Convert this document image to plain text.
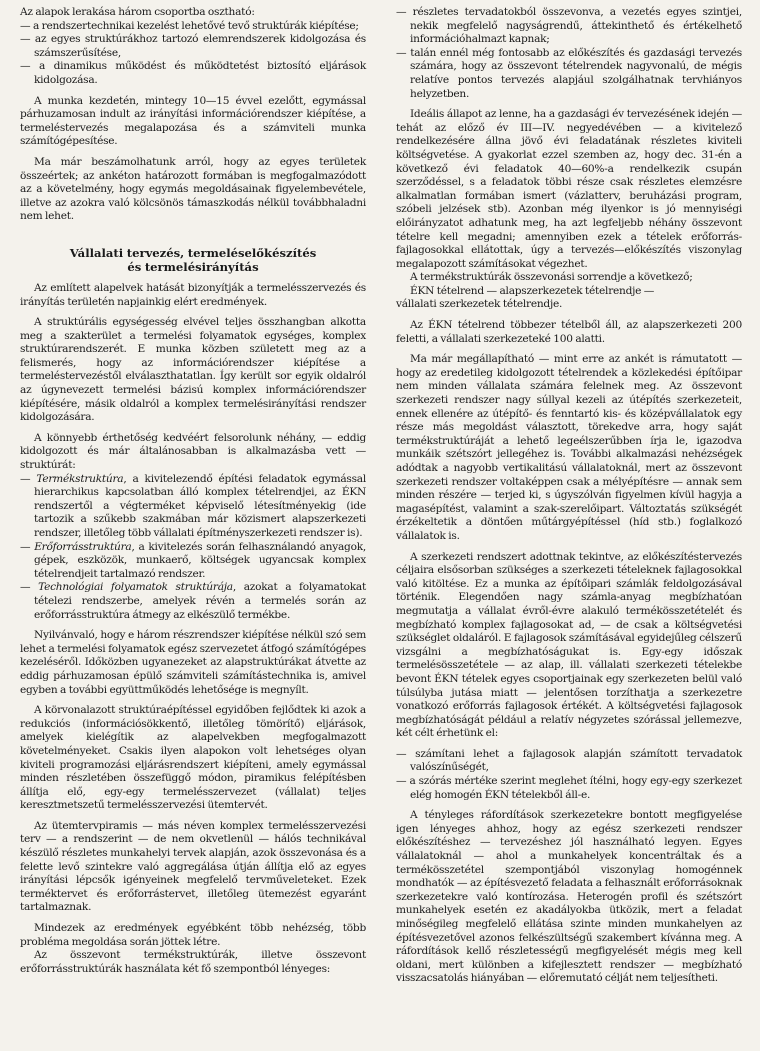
Az alapok lerakása három csoportba osztható:

— a rendszertechnikai kezelést lehetővé tevő struktúrák kiépítése;
— az egyes struktúrákhoz tartozó elemrendszerek kidolgozása és számszerűsítése,
— a dinamikus működést és működtetést biztosító eljárások kidolgozása.

A munka kezdetén, mintegy 10—15 évvel ezelőtt, egymással párhuzamosan indult az irányítási információrendszer kiépítése, a termeléstervezés megalapozása és a számviteli munka számítógépesítése.

Ma már beszámolhatunk arról, hogy az egyes területek összeértek; az ankéton határozott formában is megfogalmazódott az a követelmény, hogy egymás megoldásainak figyelembevétele, illetve az azokra való kölcsönös támaszkodás nélkül továbbhaladni nem lehet.

Vállalati tervezés, termeléselőkészítés
és termelésirányítás

Az említett alapelvek hatását bizonyítják a termelésszervezés és irányítás területén napjainkig elért eredmények.

A struktúrális egységesség elvével teljes összhangban alkotta meg a szakterület a termelési folyamatok egységes, komplex struktúrarendszerét. E munka közben született meg az a felismerés, hogy az információrendszer kiépítése a termeléstervezéstől elválaszthatatlan. Így került sor egyik oldalról az úgynevezett termelési bázisú komplex információrendszer kiépítésére, másik oldalról a komplex termelésirányítási rendszer kidolgozására.

A könnyebb érthetőség kedvéért felsorolunk néhány, — eddig kidolgozott és már általánosabban is alkalmazásba vett — struktúrát:

— Termékstruktúra, a kivitelezendő építési feladatok egymással hierarchikus kapcsolatban álló komplex tételrendjei, az ÉKN rendszertől a végterméket képviselő létesítményekig (ide tartozik a szűkebb szakmában már közismert alapszerkezeti rendszer, illetőleg több vállalati építményszerkezeti rendszer is).
— Erőforrásstruktúra, a kivitelezés során felhasználandó anyagok, gépek, eszközök, munkaerő, költségek ugyancsak komplex tételrendjeit tartalmazó rendszer.
— Technológiai folyamatok struktúrája, azokat a folyamatokat tételezi rendszerbe, amelyek révén a termelés során az erőforrásstruktúra átmegy az elkészülő termékbe.

Nyilvánvaló, hogy e három részrendszer kiépítése nélkül szó sem lehet a termelési folyamatok egész szervezetet átfogó számítógépes kezeléséről. Időközben ugyanezeket az alapstruktúrákat átvette az eddig párhuzamosan épülő számviteli számítástechnika is, amivel egyben a további együttműködés lehetősége is megnyílt.

A körvonalazott struktúraépítéssel egyidőben fejlődtek ki azok a redukciós (információsökkentő, illetőleg tömörítő) eljárások, amelyek kielégítik az alapelvekben megfogalmazott követelményeket. Csakis ilyen alapokon volt lehetséges olyan kiviteli programozási eljárásrendszert kiépíteni, amely egymással minden részletében összefüggő módon, piramikus felépítésben állítja elő, egy-egy termelésszervezet (vállalat) teljes keresztmetszetű termelésszervezési ütemtervét.

Az ütemtervpiramis — más néven komplex termelésszervezési terv — a rendszerint — de nem okvetlenül — hálós technikával készülő részletes munkahelyi tervek alapján, azok összevonása és a felette levő szintekre való aggregálása útján állítja elő az egyes irányítási lépcsők igényeinek megfelelő tervműveleteket. Ezek terméktervet és erőforrástervet, illetőleg ütemezést egyaránt tartalmaznak.

Mindezek az eredmények egyébként több nehézség, több probléma megoldása során jöttek létre.

Az összevont termékstruktúrák, illetve összevont erőforrásstruktúrák használata két fő szempontból lényeges:

— részletes tervadatokból összevonva, a vezetés egyes szintjei, nekik megfelelő nagyságrendű, áttekinthető és értékelhető információhalmazt kapnak;
— talán ennél még fontosabb az előkészítés és gazdasági tervezés számára, hogy az összevont tételrendek nagyvonalú, de mégis relatíve pontos tervezés alapjául szolgálhatnak tervhiányos helyzetben.

Ideális állapot az lenne, ha a gazdasági év tervezésének idején — tehát az előző év III—IV. negyedévében — a kivitelező rendelkezésére állna jövő évi feladatának részletes kiviteli költségvetése. A gyakorlat ezzel szemben az, hogy dec. 31-én a következő évi feladatok 40—60%-a rendelkezik csupán szerződéssel, s a feladatok többi része csak részletes elemzésre alkalmatlan formában ismert (vázlatterv, beruházási program, szóbeli jelzések stb). Azonban még ilyenkor is jó mennyiségi előirányzatot adhatunk meg, ha azt legfeljebb néhány összevont tételre kell megadni; amennyiben ezek a tételek erőforrás-fajlagosokkal ellátottak, úgy a tervezés—előkészítés viszonylag megalapozott számításokat végezhet.

A termékstruktúrák összevonási sorrendje a következő;

ÉKN tételrend — alapszerkezetek tételrendje —
vállalati szerkezetek tételrendje.

Az ÉKN tételrend többezer tételből áll, az alapszerkezeti 200 feletti, a vállalati szerkezeteké 100 alatti.

Ma már megállapítható — mint erre az ankét is rámutatott — hogy az eredetileg kidolgozott tételrendek a közlekedési építőipar nem minden vállalata számára felelnek meg. Az összevont szerkezeti rendszer nagy súllyal kezeli az útépítés szerkezeteit, ennek ellenére az útépítő- és fenntartó kis- és középvállalatok egy része más megoldást választott, törekedve arra, hogy saját termékstruktúráját a lehető legeélszerűbben írja le, igazodva munkáik szétszórt jellegéhez is. További alkalmazási nehézségek adódtak a nagyobb vertikalitású vállalatoknál, mert az összevont szerkezeti rendszer voltaképpen csak a mélyépítésre — annak sem minden részére — terjed ki, s úgyszólván figyelmen kívül hagyja a magasépítést, valamint a szak-szerelőipart. Változtatás szükségét érzékeltetik a döntően műtárgyépítéssel (híd stb.) foglalkozó vállalatok is.

A szerkezeti rendszert adottnak tekintve, az előkészítéstervezés céljaira elsősorban szükséges a szerkezeti tételeknek fajlagosokkal való kitöltése. Ez a munka az építőipari számlák feldolgozásával történik. Elegendően nagy számla-anyag megbízhatóan megmutatja a vállalat évről-évre alakuló termékösszetételét és megbízható komplex fajlagosokat ad, — de csak a költségvetési szükséglet oldaláról. E fajlagosok számításával egyidejűleg célszerű vizsgálni a megbízhatóságukat is. Egy-egy időszak termelésösszetétele — az alap, ill. vállalati szerkezeti tételekbe bevont ÉKN tételek egyes csoportjainak egy szerkezeten belül való túlsúlyba jutása miatt — jelentősen torzíthatja a szerkezetre vonatkozó erőforrás fajlagosok értékét. A költségvetési fajlagosok megbízhatóságát például a relatív négyzetes szórással jellemezve, két célt érhetünk el:

— számítani lehet a fajlagosok alapján számított tervadatok valószínűségét,
— a szórás mértéke szerint meglehet ítélni, hogy egy-egy szerkezet elég homogén ÉKN tételekből áll-e.

A tényleges ráfordítások szerkezetekre bontott megfigyelése igen lényeges ahhoz, hogy az egész szerkezeti rendszer előkészítéshez — tervezéshez jól használható legyen. Egyes vállalatoknál — ahol a munkahelyek koncentráltak és a termékösszetétel szempontjából viszonylag homogénnek mondhatók — az építésvezető feladata a felhasznált erőforrásoknak szerkezetekre való kontírozása. Heterogén profil és szétszórt munkahelyek esetén ez akadályokba ütközik, mert a feladat minőségileg megfelelő ellátása szinte minden munkahelyen az építésvezetővel azonos felkészültségű szakembert kívánna meg. A ráfordítások kellő részletességű megfigyelését mégis meg kell oldani, mert különben a kifejlesztett rendszer — megbízható visszacsatolás hiányában — előremutató célját nem teljesítheti.
